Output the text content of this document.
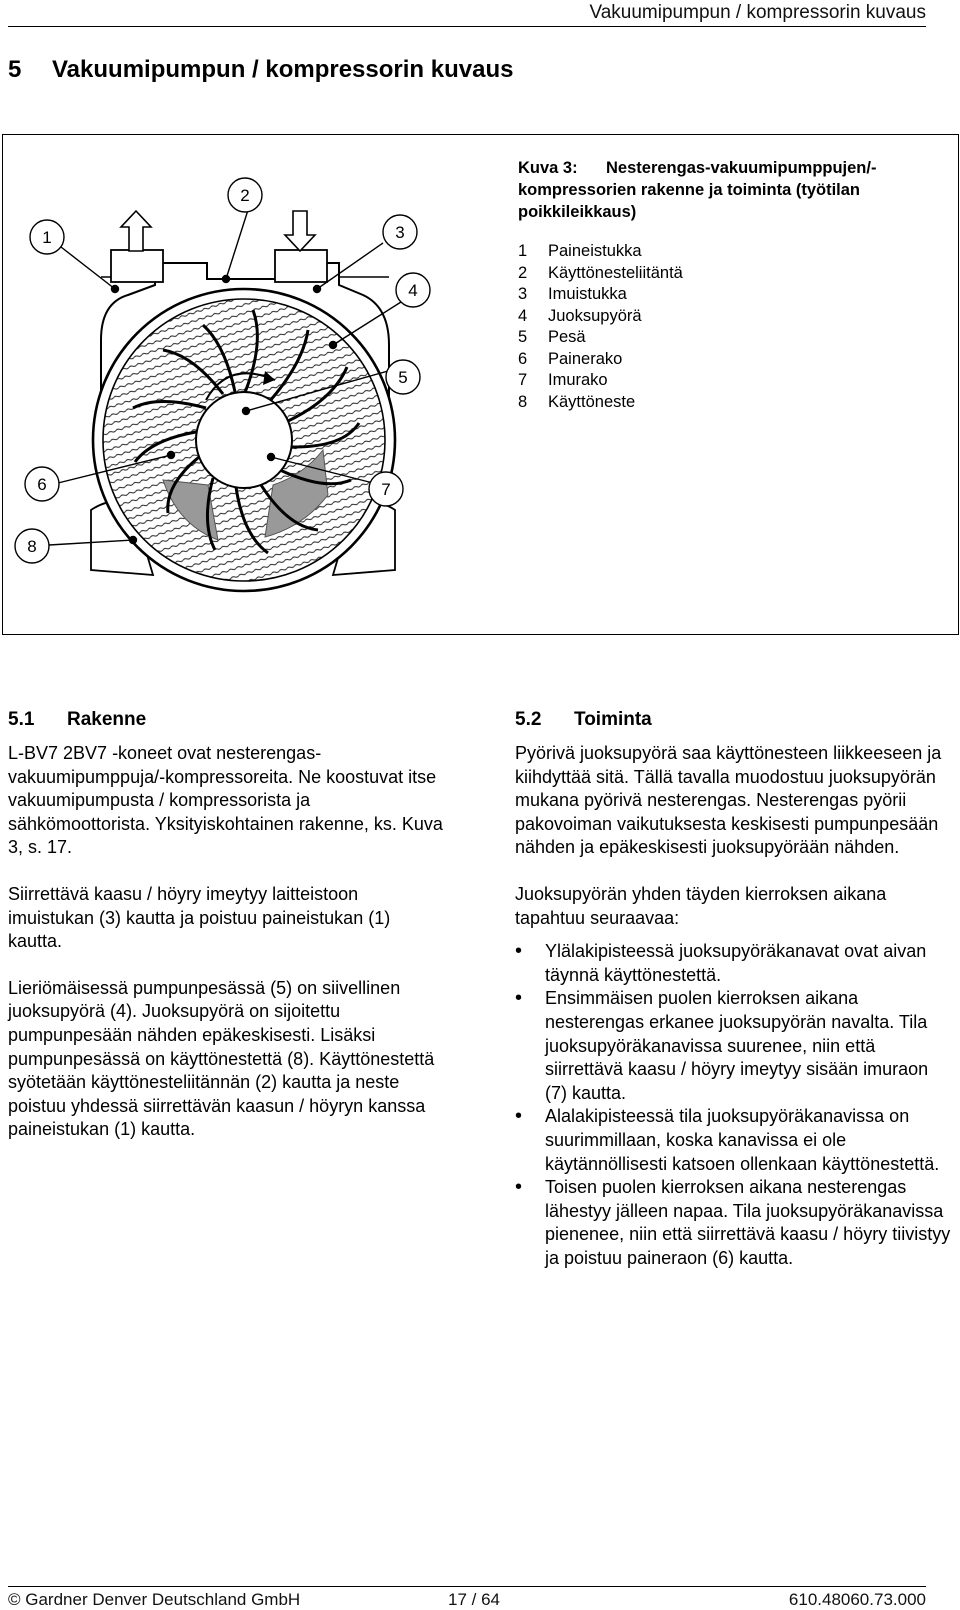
Vakuumipumpun / kompressorin kuvaus
5 Vakuumipumpun / kompressorin kuvaus
1
2
3
4
5
6	7
8
Kuva 3: Nesterengas-vakuumipumppujen/-kompressorien rakenne ja toiminta (työtilan poikkileikkaus)
1 Paineistukka
2 Käyttönesteliitäntä
3 Imuistukka
4 Juoksupyörä
5 Pesä
6 Painerako
7 Imurako
8 Käyttöneste
5.1 Rakenne

L-BV7 2BV7 -koneet ovat nesterengas-vakuumipumppuja/-kompressoreita. Ne koostuvat itse vakuumipumpusta / kompressorista ja sähkömoottorista. Yksityiskohtainen rakenne, ks. Kuva 3, s. 17.

Siirrettävä kaasu / höyry imeytyy laitteistoon imuistukan (3) kautta ja poistuu paineistukan (1) kautta.

Lieriömäisessä pumpunpesässä (5) on siivellinen juoksupyörä (4). Juoksupyörä on sijoitettu pumpunpesään nähden epäkeskisesti. Lisäksi pumpunpesässä on käyttönestettä (8). Käyttönestettä syötetään käyttönesteliitännän (2) kautta ja neste poistuu yhdessä siirrettävän kaasun / höyryn kanssa paineistukan (1) kautta.

5.2 Toiminta

Pyörivä juoksupyörä saa käyttönesteen liikkeeseen ja kiihdyttää sitä. Tällä tavalla muodostuu juoksupyörän mukana pyörivä nesterengas. Nesterengas pyörii pakovoiman vaikutuksesta keskisesti pumpunpesään nähden ja epäkeskisesti juoksupyörään nähden.

Juoksupyörän yhden täyden kierroksen aikana tapahtuu seuraavaa:

• Ylälakipisteessä juoksupyöräkanavat ovat aivan täynnä käyttönestettä.
• Ensimmäisen puolen kierroksen aikana nesterengas erkanee juoksupyörän navalta. Tila juoksupyöräkanavissa suurenee, niin että siirrettävä kaasu / höyry imeytyy sisään imuraon (7) kautta.
• Alalakipisteessä tila juoksupyöräkanavissa on suurimmillaan, koska kanavissa ei ole käytännöllisesti katsoen ollenkaan käyttönestettä.
• Toisen puolen kierroksen aikana nesterengas lähestyy jälleen napaa. Tila juoksupyöräkanavissa pienenee, niin että siirrettävä kaasu / höyry tiivistyy ja poistuu paineraon (6) kautta.
© Gardner Denver Deutschland GmbH	17 / 64	610.48060.73.000
